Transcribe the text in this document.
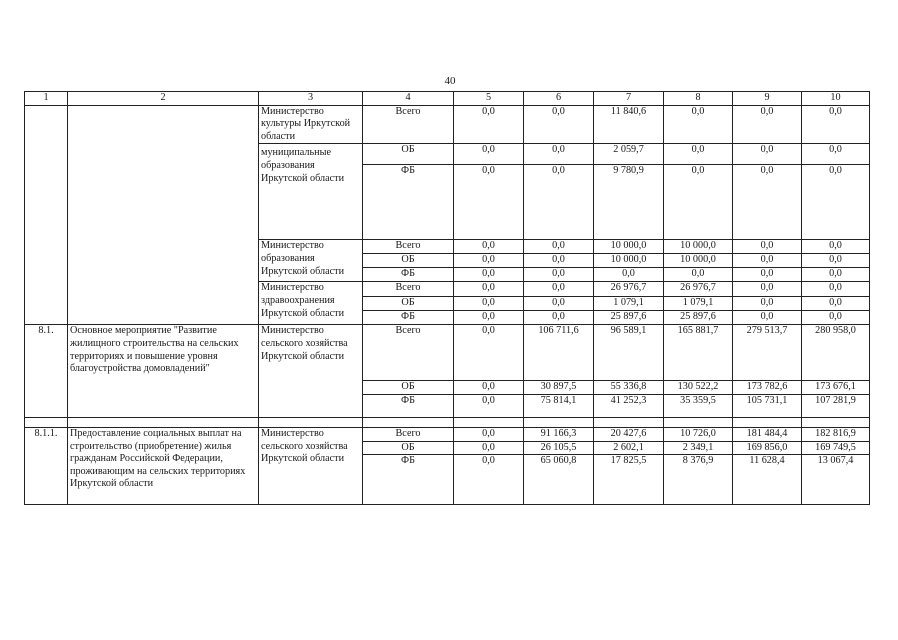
40
1	2	3	4	5	6	7	8	9	10
		Министерство культуры Иркутской области	Всего	0,0	0,0	11 840,6	0,0	0,0	0,0

		муниципальные образования Иркутской области	ОБ	0,0	0,0	2 059,7	0,0	0,0	0,0
			ФБ	0,0	0,0	9 780,9	0,0	0,0	0,0
		Министерство образования Иркутской области	Всего	0,0	0,0	10 000,0	10 000,0	0,0	0,0
			ОБ	0,0	0,0	10 000,0	10 000,0	0,0	0,0
			ФБ	0,0	0,0	0,0	0,0	0,0	0,0
		Министерство здравоохранения Иркутской области	Всего	0,0	0,0	26 976,7	26 976,7	0,0	0,0
			ОБ	0,0	0,0	1 079,1	1 079,1	0,0	0,0
			ФБ	0,0	0,0	25 897,6	25 897,6	0,0	0,0
8.1.	Основное мероприятие "Развитие жилищного строительства на сельских территориях и повышение уровня благоустройства домовладений"	Министерство сельского хозяйства Иркутской области	Всего	0,0	106 711,6	96 589,1	165 881,7	279 513,7	280 958,0
			ОБ	0,0	30 897,5	55 336,8	130 522,2	173 782,6	173 676,1
			ФБ	0,0	75 814,1	41 252,3	35 359,5	105 731,1	107 281,9

8.1.1.	Предоставление социальных выплат на строительство (приобретение) жилья гражданам Российской Федерации, проживающим на сельских территориях Иркутской области	Министерство сельского хозяйства Иркутской области	Всего	0,0	91 166,3	20 427,6	10 726,0	181 484,4	182 816,9
			ОБ	0,0	26 105,5	2 602,1	2 349,1	169 856,0	169 749,5
			ФБ	0,0	65 060,8	17 825,5	8 376,9	11 628,4	13 067,4
